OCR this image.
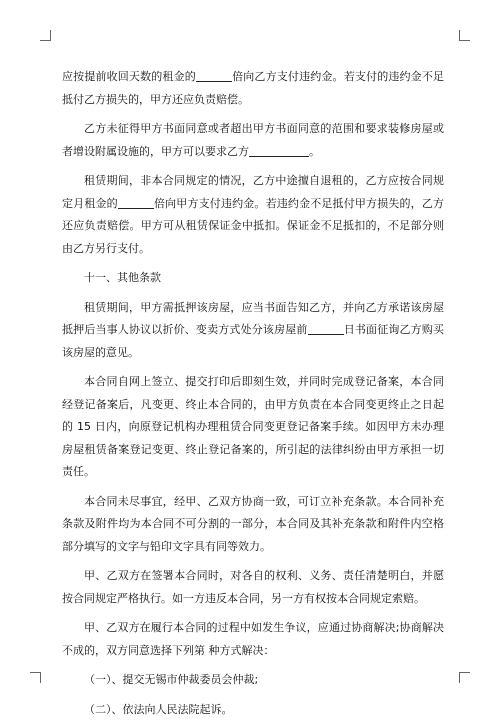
应按提前收回天数的租金的	倍向乙方支付违约金。若支付的违约金不足抵付乙方损失的，甲方还应负责赔偿。

乙方未征得甲方书面同意或者超出甲方书面同意的范围和要求装修房屋或者增设附属设施的，甲方可以要求乙方	。

租赁期间，非本合同规定的情况，乙方中途擅自退租的，乙方应按合同规定月租金的	倍向甲方支付违约金。若违约金不足抵付甲方损失的，乙方还应负责赔偿。甲方可从租赁保证金中抵扣。保证金不足抵扣的，不足部分则由乙方另行支付。

十一、其他条款

租赁期间，甲方需抵押该房屋，应当书面告知乙方，并向乙方承诺该房屋抵押后当事人协议以折价、变卖方式处分该房屋前	日书面征询乙方购买该房屋的意见。

本合同自网上签立、提交打印后即刻生效，并同时完成登记备案，本合同经登记备案后，凡变更、终止本合同的，由甲方负责在本合同变更终止之日起的 15 日内，向原登记机构办理租赁合同变更登记备案手续。如因甲方未办理房屋租赁备案登记变更、终止登记备案的，所引起的法律纠纷由甲方承担一切责任。

本合同未尽事宜，经甲、乙双方协商一致，可订立补充条款。本合同补充条款及附件均为本合同不可分割的一部分，本合同及其补充条款和附件内空格部分填写的文字与铅印文字具有同等效力。

甲、乙双方在签署本合同时，对各自的权利、义务、责任清楚明白，并愿按合同规定严格执行。如一方违反本合同，另一方有权按本合同规定索赔。

甲、乙双方在履行本合同的过程中如发生争议，应通过协商解决;协商解决不成的，双方同意选择下列第 种方式解决：

（一）、提交无锡市仲裁委员会仲裁;

（二）、依法向人民法院起诉。
